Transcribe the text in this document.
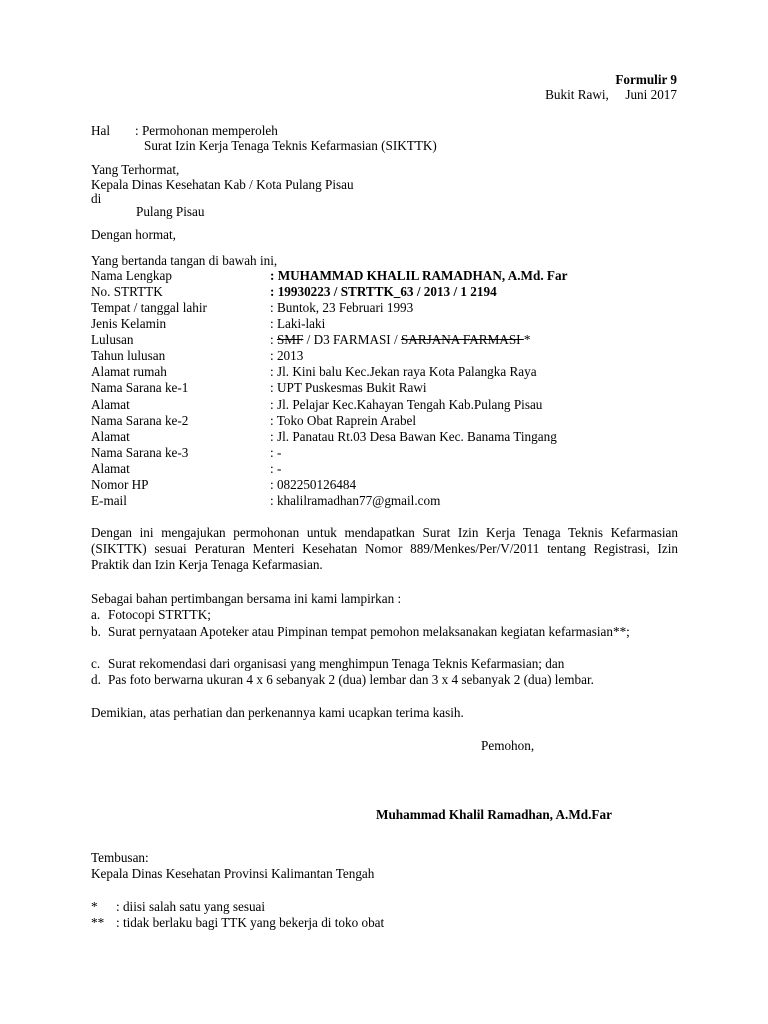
Formulir 9
Bukit Rawi,     Juni 2017
Hal : Permohonan memperoleh
Surat Izin Kerja Tenaga Teknis Kefarmasian (SIKTTK)
Yang Terhormat,
Kepala Dinas Kesehatan Kab / Kota Pulang Pisau
di
Pulang Pisau
Dengan hormat,
Yang bertanda tangan di bawah ini,
Nama Lengkap	: MUHAMMAD KHALIL RAMADHAN, A.Md. Far
No. STRTTK	: 19930223 / STRTTK_63 / 2013 / 1 2194
Tempat / tanggal lahir	: Buntok, 23 Februari 1993
Jenis Kelamin	: Laki-laki
Lulusan	: SMF / D3 FARMASI / SARJANA FARMASI *
Tahun lulusan	: 2013
Alamat rumah	: Jl. Kini balu Kec.Jekan raya Kota Palangka Raya
Nama Sarana ke-1	: UPT Puskesmas Bukit Rawi
Alamat	: Jl. Pelajar Kec.Kahayan Tengah Kab.Pulang Pisau
Nama Sarana ke-2	: Toko Obat Raprein Arabel
Alamat	: Jl. Panatau Rt.03 Desa Bawan Kec. Banama Tingang
Nama Sarana ke-3	: -
Alamat	: -
Nomor HP	: 082250126484
E-mail	: khalilramadhan77@gmail.com
Dengan ini mengajukan permohonan untuk mendapatkan Surat Izin Kerja Tenaga Teknis Kefarmasian (SIKTTK) sesuai Peraturan Menteri Kesehatan Nomor 889/Menkes/Per/V/2011 tentang Registrasi, Izin Praktik dan Izin Kerja Tenaga Kefarmasian.
Sebagai bahan pertimbangan bersama ini kami lampirkan :
a. Fotocopi STRTTK;
b. Surat pernyataan Apoteker atau Pimpinan tempat pemohon melaksanakan kegiatan kefarmasian**;
c. Surat rekomendasi dari organisasi yang menghimpun Tenaga Teknis Kefarmasian; dan
d. Pas foto berwarna ukuran 4 x 6 sebanyak 2 (dua) lembar dan 3 x 4 sebanyak 2 (dua) lembar.
Demikian, atas perhatian dan perkenannya kami ucapkan terima kasih.
Pemohon,
Muhammad Khalil Ramadhan, A.Md.Far
Tembusan:
Kepala Dinas Kesehatan Provinsi Kalimantan Tengah
* : diisi salah satu yang sesuai
** : tidak berlaku bagi TTK yang bekerja di toko obat
